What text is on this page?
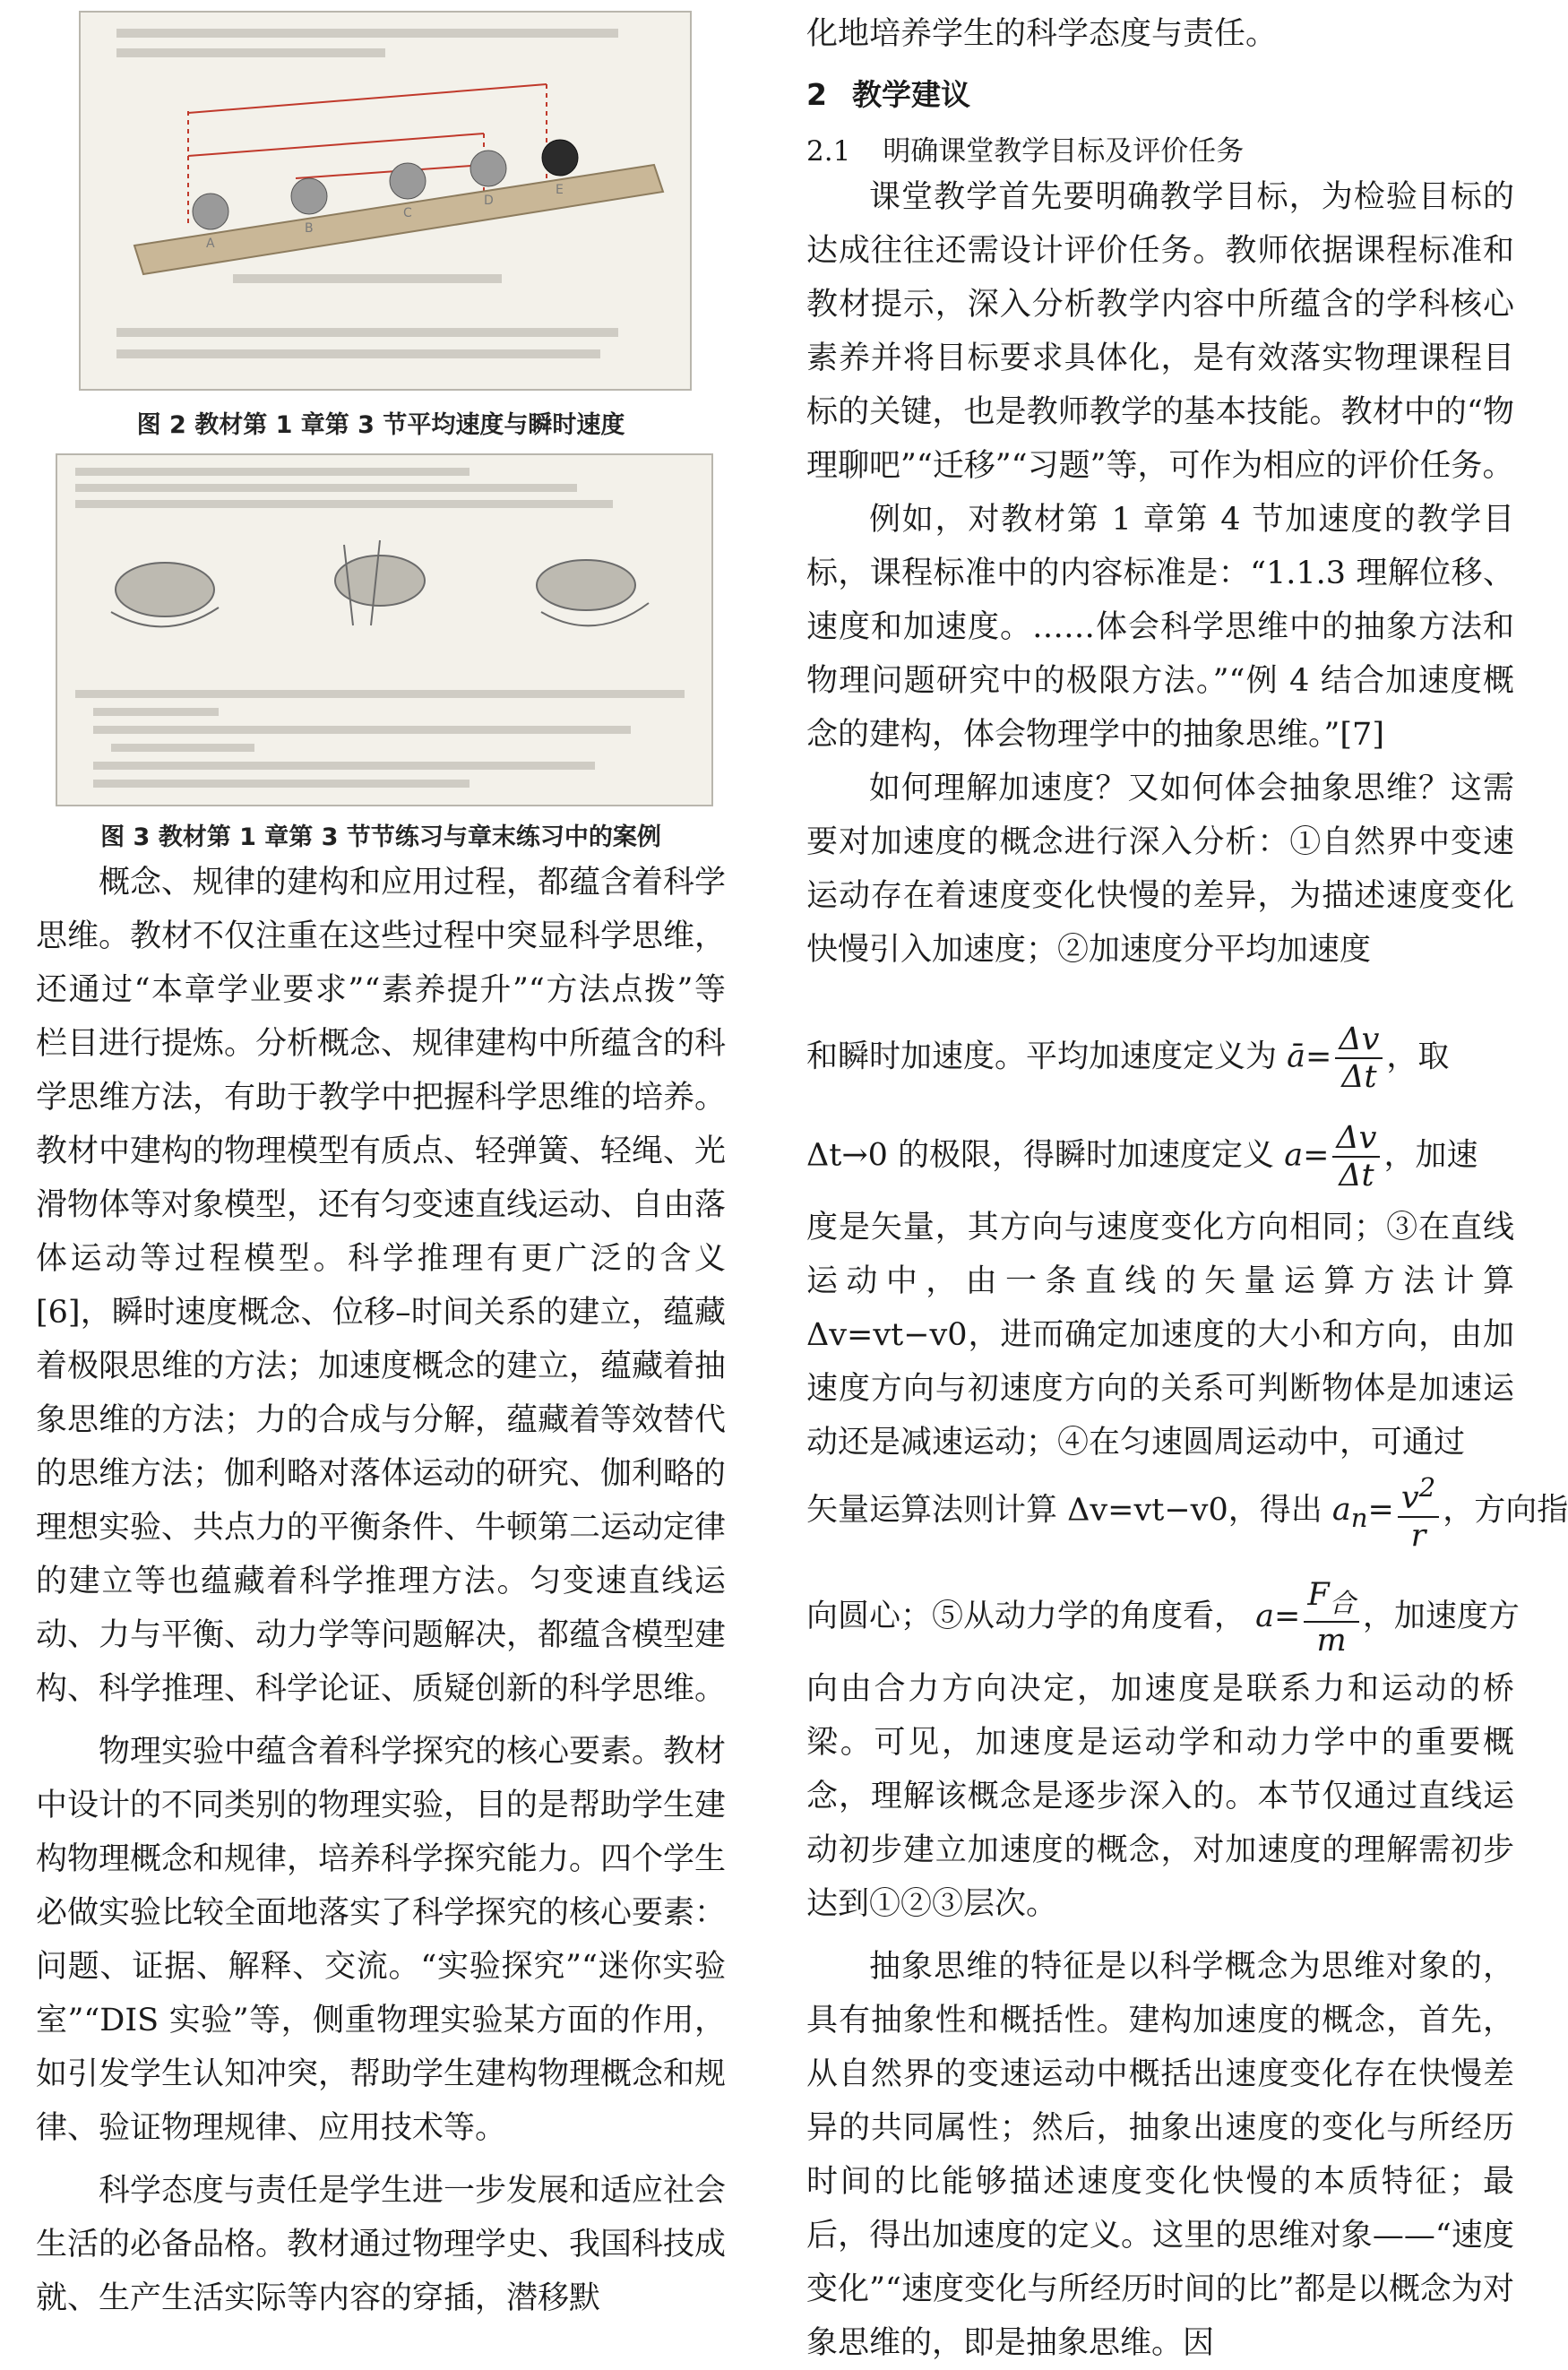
A
B
C
D
E
图 2 教材第 1 章第 3 节平均速度与瞬时速度
图 3 教材第 1 章第 3 节节练习与章末练习中的案例

概念、规律的建构和应用过程，都蕴含着科学思维。教材不仅注重在这些过程中突显科学思维，还通过“本章学业要求”“素养提升”“方法点拨”等栏目进行提炼。分析概念、规律建构中所蕴含的科学思维方法，有助于教学中把握科学思维的培养。教材中建构的物理模型有质点、轻弹簧、轻绳、光滑物体等对象模型，还有匀变速直线运动、自由落体运动等过程模型。科学推理有更广泛的含义[6]，瞬时速度概念、位移–时间关系的建立，蕴藏着极限思维的方法；加速度概念的建立，蕴藏着抽象思维的方法；力的合成与分解，蕴藏着等效替代的思维方法；伽利略对落体运动的研究、伽利略的理想实验、共点力的平衡条件、牛顿第二运动定律的建立等也蕴藏着科学推理方法。匀变速直线运动、力与平衡、动力学等问题解决，都蕴含模型建构、科学推理、科学论证、质疑创新的科学思维。

物理实验中蕴含着科学探究的核心要素。教材中设计的不同类别的物理实验，目的是帮助学生建构物理概念和规律，培养科学探究能力。四个学生必做实验比较全面地落实了科学探究的核心要素：问题、证据、解释、交流。“实验探究”“迷你实验室”“DIS 实验”等，侧重物理实验某方面的作用，如引发学生认知冲突，帮助学生建构物理概念和规律、验证物理规律、应用技术等。

科学态度与责任是学生进一步发展和适应社会生活的必备品格。教材通过物理学史、我国科技成就、生产生活实际等内容的穿插，潜移默

化地培养学生的科学态度与责任。

2 教学建议
2.1 明确课堂教学目标及评价任务

课堂教学首先要明确教学目标，为检验目标的达成往往还需设计评价任务。教师依据课程标准和教材提示，深入分析教学内容中所蕴含的学科核心素养并将目标要求具体化，是有效落实物理课程目标的关键，也是教师教学的基本技能。教材中的“物理聊吧”“迁移”“习题”等，可作为相应的评价任务。

例如，对教材第 1 章第 4 节加速度的教学目标，课程标准中的内容标准是：“1.1.3 理解位移、速度和加速度。……体会科学思维中的抽象方法和物理问题研究中的极限方法。”“例 4 结合加速度概念的建构，体会物理学中的抽象思维。”[7]

如何理解加速度？又如何体会抽象思维？这需要对加速度的概念进行深入分析：①自然界中变速运动存在着速度变化快慢的差异，为描述速度变化快慢引入加速度；②加速度分平均加速度

和瞬时加速度。平均加速度定义为 ā= $\frac{\Delta v}{\Delta t}$ ，取
Δt→0 的极限，得瞬时加速度定义 $a= \frac{\Delta v}{\Delta t}$ ，加速

度是矢量，其方向与速度变化方向相同；③在直线运动中，由一条直线的矢量运算方法计算 Δv=vt−v0，进而确定加速度的大小和方向，由加速度方向与初速度方向的关系可判断物体是加速运动还是减速运动；④在匀速圆周运动中，可通过

矢量运算法则计算 Δv=vt−v0，得出 $a_n= \frac{v^2}{r}$ ，方向指
向圆心；⑤从动力学的角度看， $a= \frac{F_合}{m}$ ，加速度方

向由合力方向决定，加速度是联系力和运动的桥梁。可见，加速度是运动学和动力学中的重要概念，理解该概念是逐步深入的。本节仅通过直线运动初步建立加速度的概念，对加速度的理解需初步达到①②③层次。

抽象思维的特征是以科学概念为思维对象的，具有抽象性和概括性。建构加速度的概念，首先，从自然界的变速运动中概括出速度变化存在快慢差异的共同属性；然后，抽象出速度的变化与所经历时间的比能够描述速度变化快慢的本质特征；最后，得出加速度的定义。这里的思维对象——“速度变化”“速度变化与所经历时间的比”都是以概念为对象思维的，即是抽象思维。因
